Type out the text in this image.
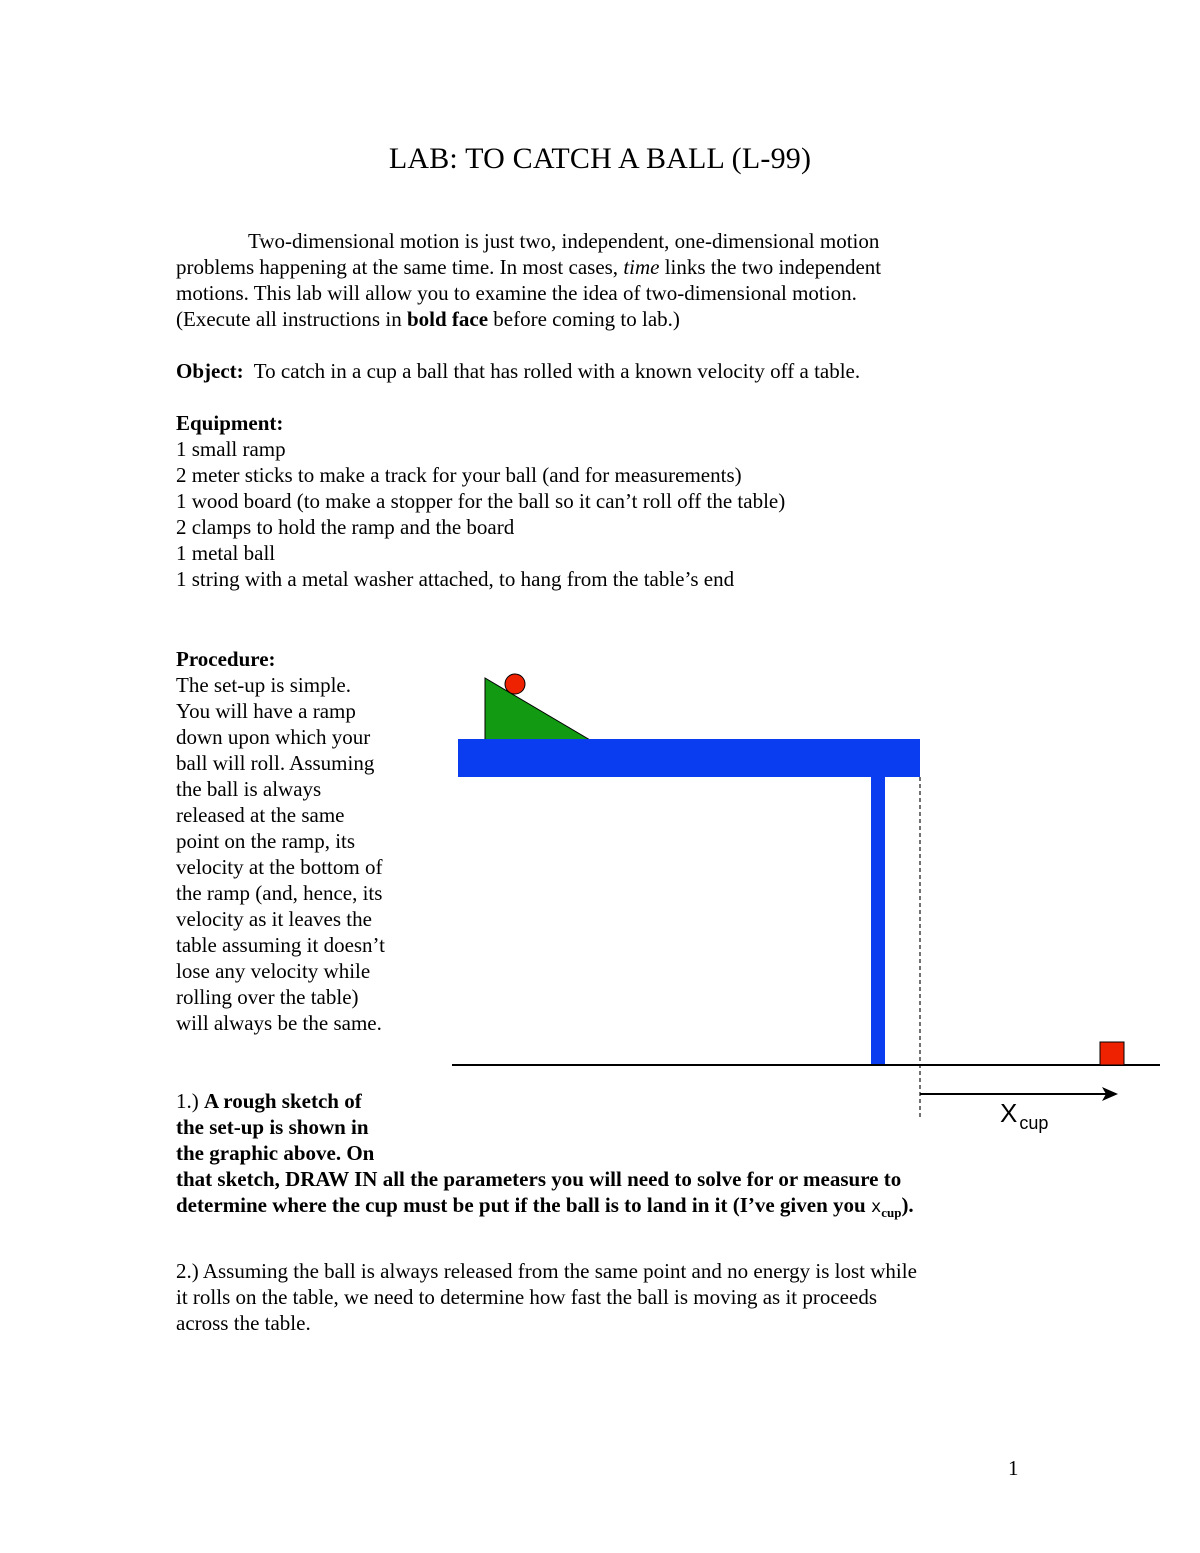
LAB: TO CATCH A BALL (L-99)
Two-dimensional motion is just two, independent, one-dimensional motion
problems happening at the same time. In most cases, time links the two independent
motions. This lab will allow you to examine the idea of two-dimensional motion.
(Execute all instructions in bold face before coming to lab.)
Object:  To catch in a cup a ball that has rolled with a known velocity off a table.
Equipment:
1 small ramp
2 meter sticks to make a track for your ball (and for measurements)
1 wood board (to make a stopper for the ball so it can’t roll off the table)
2 clamps to hold the ramp and the board
1 metal ball
1 string with a metal washer attached, to hang from the table’s end
Procedure:
The set-up is simple.
You will have a ramp
down upon which your
ball will roll. Assuming
the ball is always
released at the same
point on the ramp, its
velocity at the bottom of
the ramp (and, hence, its
velocity as it leaves the
table assuming it doesn’t
lose any velocity while
rolling over the table)
will always be the same.
X $_{cup}$
1.) A rough sketch of
the set-up is shown in
the graphic above. On
that sketch, DRAW IN all the parameters you will need to solve for or measure to
determine where the cup must be put if the ball is to land in it (I’ve given you $x_{cup}$).
2.) Assuming the ball is always released from the same point and no energy is lost while
it rolls on the table, we need to determine how fast the ball is moving as it proceeds
across the table.
1
